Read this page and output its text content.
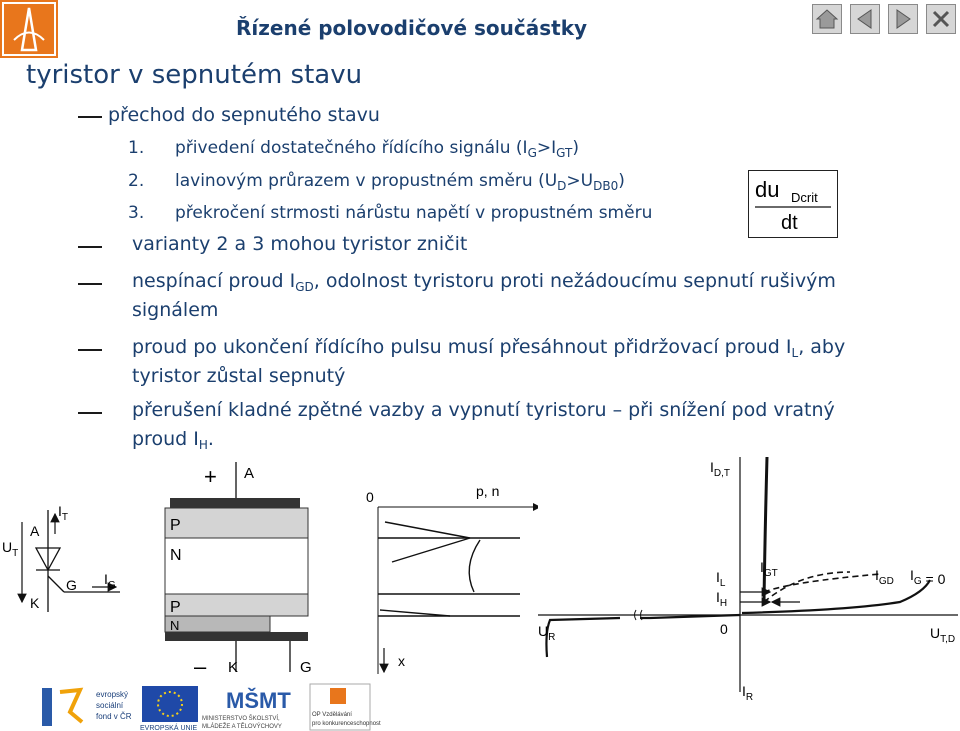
Řízené polovodičové součástky
tyristor v sepnutém stavu
přechod do sepnutého stavu
1. přivedení dostatečného řídícího signálu $(I_G>I_{GT})$
2. lavinovým průrazem v propustném směru $(U_D>U_{DB0})$
3. překročení strmosti nárůstu napětí v propustném směru
du Dcrit
dt
varianty 2 a 3 mohou tyristor zničit
nespínací proud $I_{GD}$, odolnost tyristoru proti nežádoucímu sepnutí rušivým
signálem
proud po ukončení řídícího pulsu musí přesáhnout přidržovací proud $I_L$, aby
tyristor zůstal sepnutý
přerušení kladné zpětné vazby a vypnutí tyristoru – při snížení pod vratný
proud $I_H$.
$U_T$
$I_T$
A
K
G $I_G$
+ A
P
N
P
N
– K	G
0	p, n
x
$I_{D,T}$
$I_{GT}$	$I_{GD}$ $I_G = 0$
$I_L$
$I_H$
$U_R$
0	$U_{T,D}$
$I_R$
evropský
sociální
fond v ČR
EVROPSKÁ UNIE
MŠMT
MINISTERSTVO ŠKOLSTVÍ,
MLÁDEŽE A TĚLOVÝCHOVY
OP Vzdělávání
pro konkurenceschopnost
